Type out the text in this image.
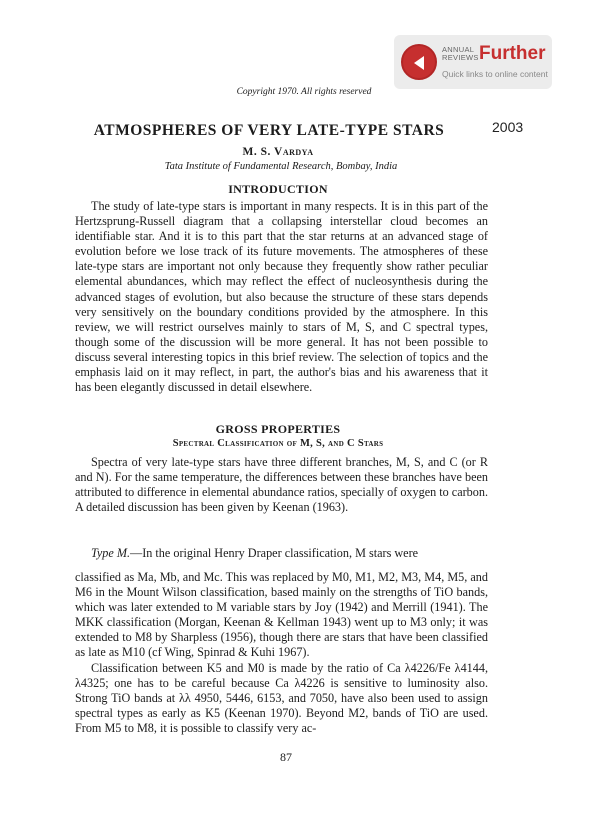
ANNUAL
REVIEWS Further
Quick links to online content
Copyright 1970. All rights reserved
2003
ATMOSPHERES OF VERY LATE-TYPE STARS
M. S. Vardya
Tata Institute of Fundamental Research, Bombay, India
INTRODUCTION
The study of late-type stars is important in many respects. It is in this part of the Hertzsprung-Russell diagram that a collapsing interstellar cloud becomes an identifiable star. And it is to this part that the star returns at an advanced stage of evolution before we lose track of its future movements. The atmospheres of these late-type stars are important not only because they frequently show rather peculiar elemental abundances, which may reflect the effect of nucleosynthesis during the advanced stages of evolution, but also because the structure of these stars depends very sensitively on the boundary conditions provided by the atmosphere. In this review, we will restrict ourselves mainly to stars of M, S, and C spectral types, though some of the discussion will be more general. It has not been possible to discuss several interesting topics in this brief review. The selection of topics and the emphasis laid on it may reflect, in part, the author's bias and his awareness that it has been elegantly discussed in detail elsewhere.
GROSS PROPERTIES
Spectral Classification of M, S, and C Stars
Spectra of very late-type stars have three different branches, M, S, and C (or R and N). For the same temperature, the differences between these branches have been attributed to difference in elemental abundance ratios, specially of oxygen to carbon. A detailed discussion has been given by Keenan (1963).
Type M.—In the original Henry Draper classification, M stars were
classified as Ma, Mb, and Mc. This was replaced by M0, M1, M2, M3, M4, M5, and M6 in the Mount Wilson classification, based mainly on the strengths of TiO bands, which was later extended to M variable stars by Joy (1942) and Merrill (1941). The MKK classification (Morgan, Keenan & Kellman 1943) went up to M3 only; it was extended to M8 by Sharpless (1956), though there are stars that have been classified as late as M10 (cf Wing, Spinrad & Kuhi 1967).
Classification between K5 and M0 is made by the ratio of Ca λ4226/Fe λ4144, λ4325; one has to be careful because Ca λ4226 is sensitive to luminosity also. Strong TiO bands at λλ 4950, 5446, 6153, and 7050, have also been used to assign spectral types as early as K5 (Keenan 1970). Beyond M2, bands of TiO are used. From M5 to M8, it is possible to classify very ac-
87
